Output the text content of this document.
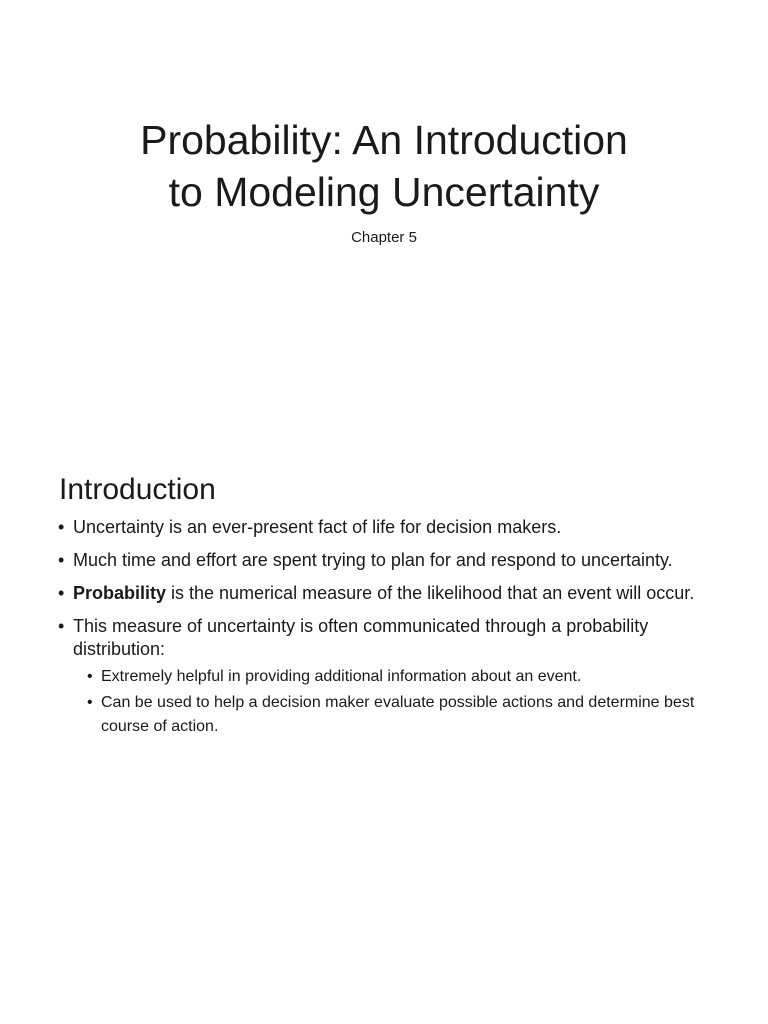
Probability: An Introduction
to Modeling Uncertainty
Chapter 5
Introduction
• Uncertainty is an ever-present fact of life for decision makers.
• Much time and effort are spent trying to plan for and respond to uncertainty.
• Probability is the numerical measure of the likelihood that an event will occur.
• This measure of uncertainty is often communicated through a probability distribution:
• Extremely helpful in providing additional information about an event.
• Can be used to help a decision maker evaluate possible actions and determine best course of action.
